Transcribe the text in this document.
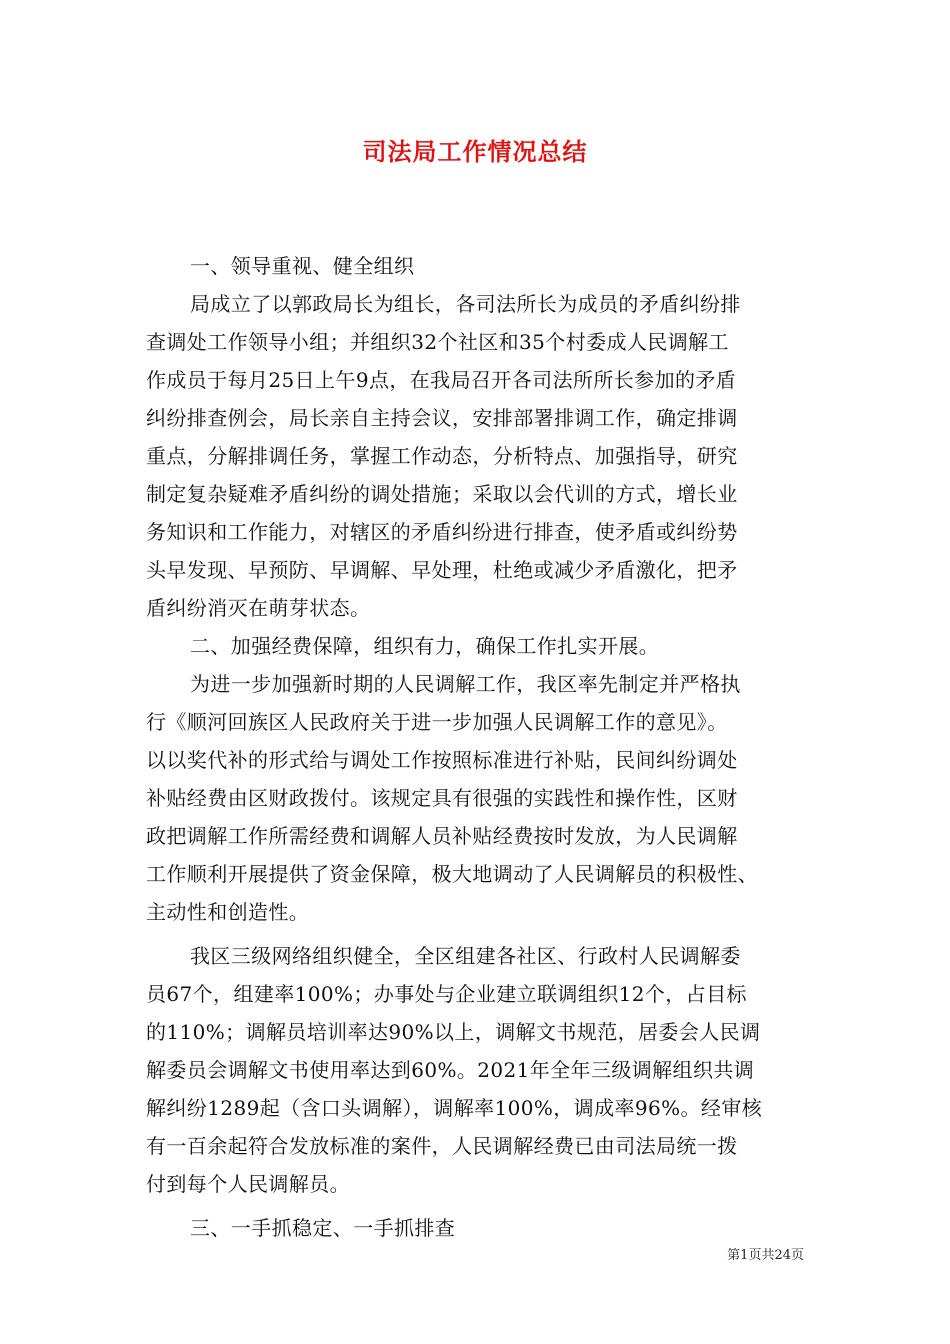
司法局工作情况总结
一、领导重视、健全组织
局成立了以郭政局长为组长，各司法所长为成员的矛盾纠纷排
查调处工作领导小组；并组织32个社区和35个村委成人民调解工
作成员于每月25日上午9点，在我局召开各司法所所长参加的矛盾
纠纷排查例会，局长亲自主持会议，安排部署排调工作，确定排调
重点，分解排调任务，掌握工作动态，分析特点、加强指导，研究
制定复杂疑难矛盾纠纷的调处措施；采取以会代训的方式，增长业
务知识和工作能力，对辖区的矛盾纠纷进行排查，使矛盾或纠纷势
头早发现、早预防、早调解、早处理，杜绝或减少矛盾激化，把矛
盾纠纷消灭在萌芽状态。
二、加强经费保障，组织有力，确保工作扎实开展。
为进一步加强新时期的人民调解工作，我区率先制定并严格执
行《顺河回族区人民政府关于进一步加强人民调解工作的意见》。
以以奖代补的形式给与调处工作按照标准进行补贴，民间纠纷调处
补贴经费由区财政拨付。该规定具有很强的实践性和操作性，区财
政把调解工作所需经费和调解人员补贴经费按时发放，为人民调解
工作顺利开展提供了资金保障，极大地调动了人民调解员的积极性、
主动性和创造性。
我区三级网络组织健全，全区组建各社区、行政村人民调解委
员67个，组建率100%；办事处与企业建立联调组织12个，占目标
的110%；调解员培训率达90%以上，调解文书规范，居委会人民调
解委员会调解文书使用率达到60%。2021年全年三级调解组织共调
解纠纷1289起（含口头调解），调解率100%，调成率96%。经审核
有一百余起符合发放标准的案件，人民调解经费已由司法局统一拨
付到每个人民调解员。
三、一手抓稳定、一手抓排查
第1页共24页
